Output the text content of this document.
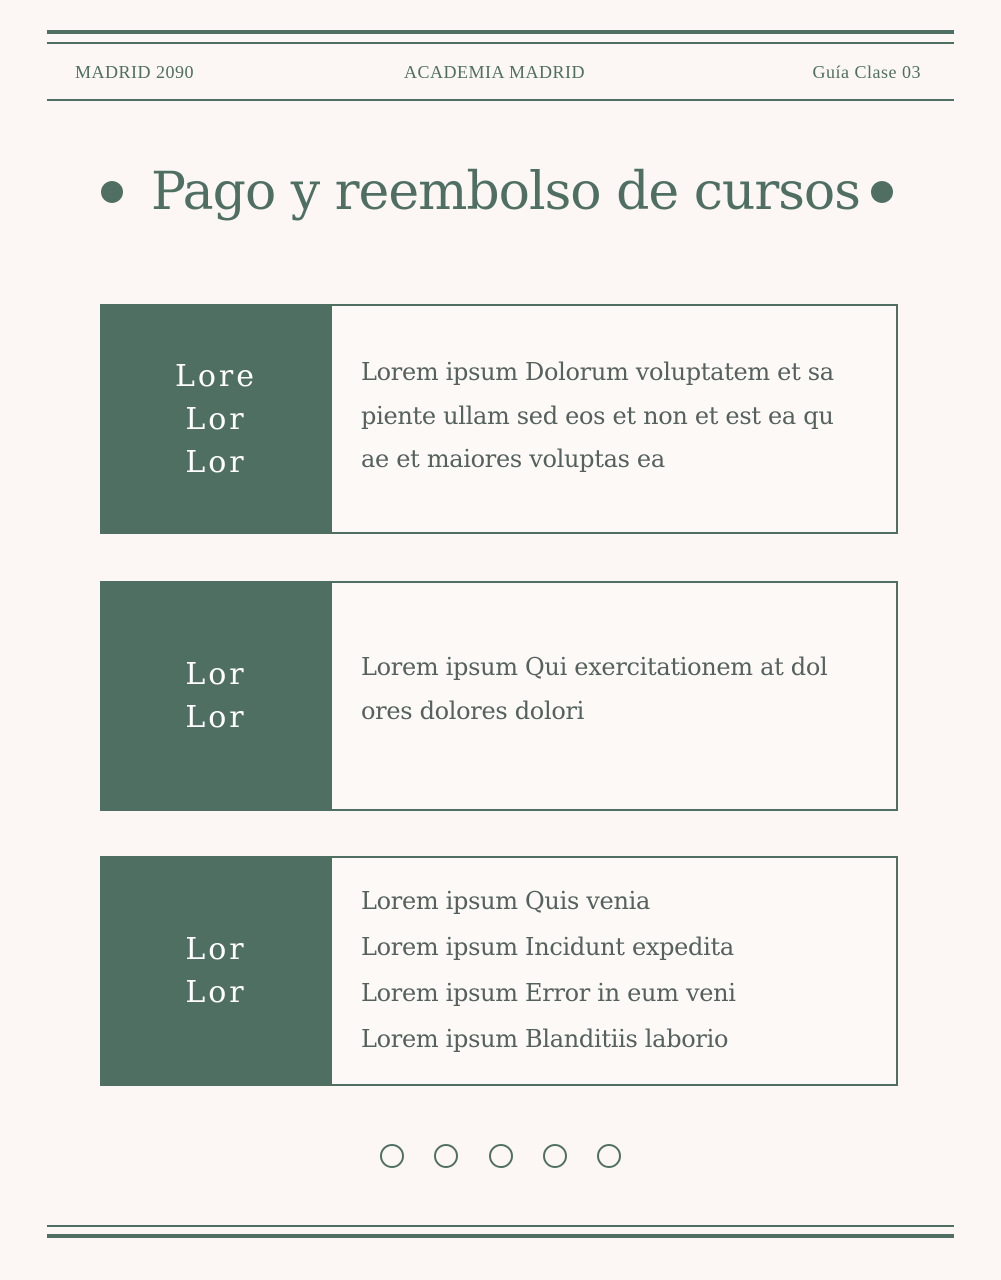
MADRID 2090	ACADEMIA MADRID	Guía Clase 03
Pago y reembolso de cursos
Lore
Lor
Lor
Lorem ipsum Dolorum voluptatem et sa
piente ullam sed eos et non et est ea qu
ae et maiores voluptas ea
Lor
Lor
Lorem ipsum Qui exercitationem at dol
ores dolores dolori
Lor
Lor
Lorem ipsum Quis venia
Lorem ipsum Incidunt expedita
Lorem ipsum Error in eum veni
Lorem ipsum Blanditiis laborio
